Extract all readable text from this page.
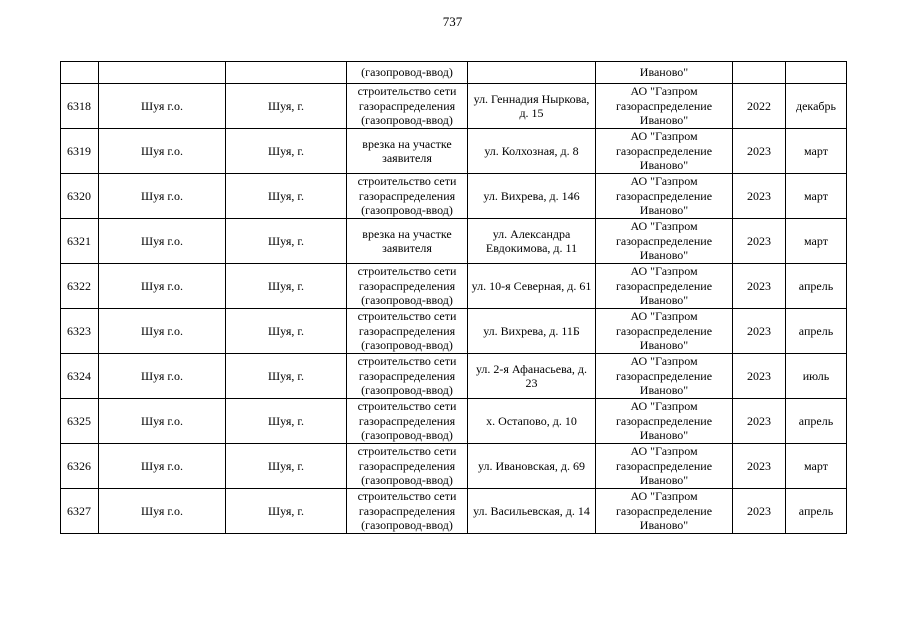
737
			(газопровод-ввод)		Иваново"		
6318	Шуя г.о.	Шуя, г.	строительство сети газораспределения (газопровод-ввод)	ул. Геннадия Ныркова, д. 15	АО "Газпром газораспределение Иваново"	2022	декабрь
6319	Шуя г.о.	Шуя, г.	врезка на участке заявителя	ул. Колхозная, д. 8	АО "Газпром газораспределение Иваново"	2023	март
6320	Шуя г.о.	Шуя, г.	строительство сети газораспределения (газопровод-ввод)	ул. Вихрева, д. 146	АО "Газпром газораспределение Иваново"	2023	март
6321	Шуя г.о.	Шуя, г.	врезка на участке заявителя	ул. Александра Евдокимова, д. 11	АО "Газпром газораспределение Иваново"	2023	март
6322	Шуя г.о.	Шуя, г.	строительство сети газораспределения (газопровод-ввод)	ул. 10-я Северная, д. 61	АО "Газпром газораспределение Иваново"	2023	апрель
6323	Шуя г.о.	Шуя, г.	строительство сети газораспределения (газопровод-ввод)	ул. Вихрева, д. 11Б	АО "Газпром газораспределение Иваново"	2023	апрель
6324	Шуя г.о.	Шуя, г.	строительство сети газораспределения (газопровод-ввод)	ул. 2-я Афанасьева, д. 23	АО "Газпром газораспределение Иваново"	2023	июль
6325	Шуя г.о.	Шуя, г.	строительство сети газораспределения (газопровод-ввод)	х. Остапово, д. 10	АО "Газпром газораспределение Иваново"	2023	апрель
6326	Шуя г.о.	Шуя, г.	строительство сети газораспределения (газопровод-ввод)	ул. Ивановская, д. 69	АО "Газпром газораспределение Иваново"	2023	март
6327	Шуя г.о.	Шуя, г.	строительство сети газораспределения (газопровод-ввод)	ул. Васильевская, д. 14	АО "Газпром газораспределение Иваново"	2023	апрель
